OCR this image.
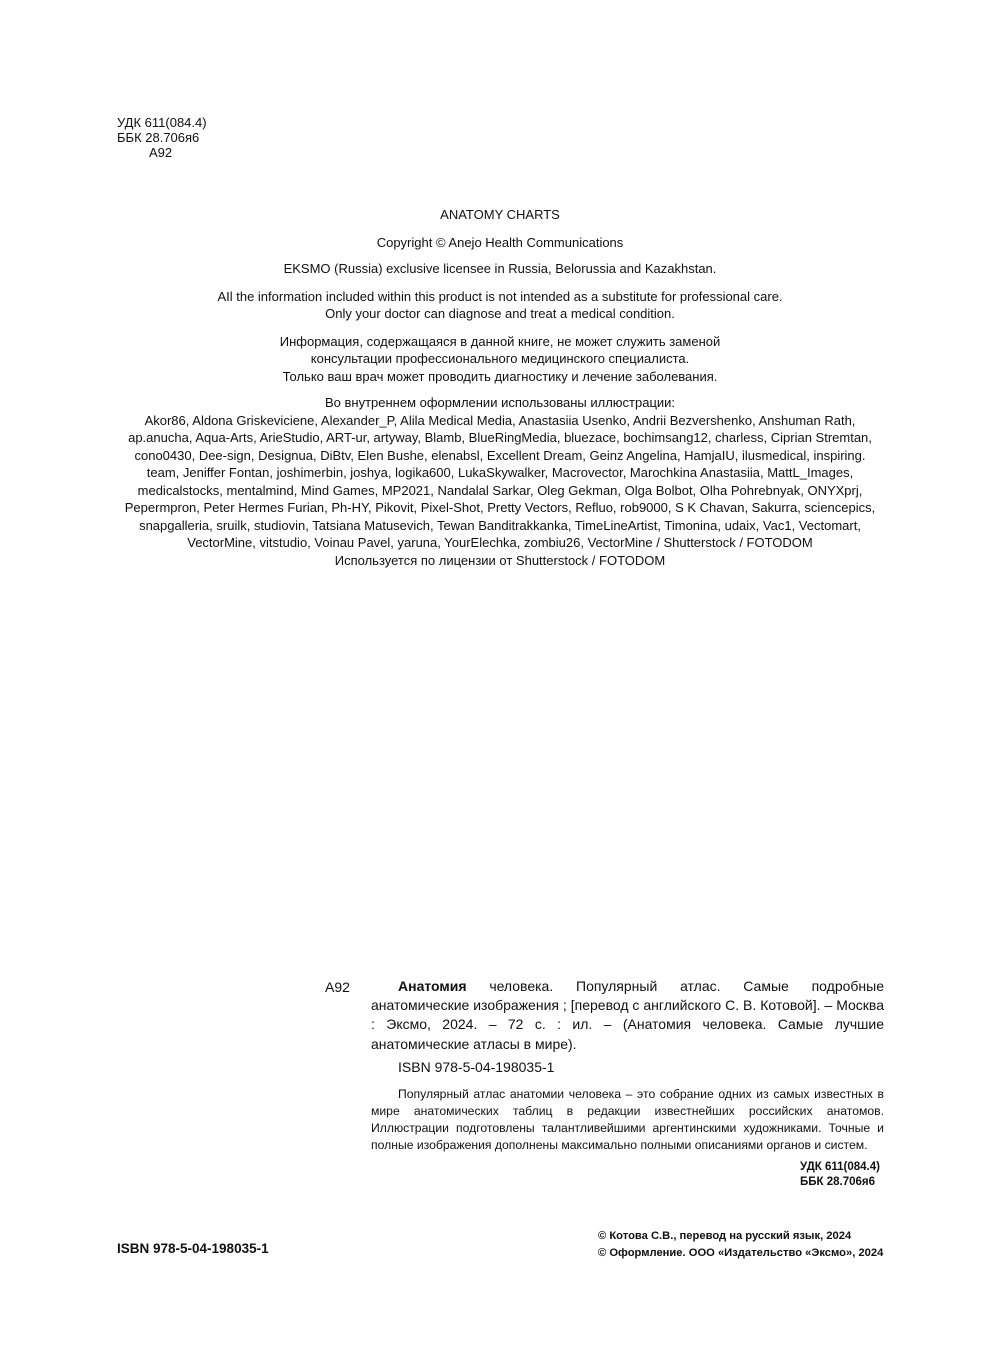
УДК 611(084.4)
ББК 28.706я6
А92

ANATOMY CHARTS

Copyright © Anejo Health Communications

EKSMO (Russia) exclusive licensee in Russia, Belorussia and Kazakhstan.

AIl the information included within this product is not intended as a substitute for professional care.

Only your doctor can diagnose and treat a medical condition.

Информация, содержащаяся в данной книге, не может служить заменой

консультации профессионального медицинского специалиста.

Только ваш врач может проводить диагностику и лечение заболевания.

Во внутреннем оформлении использованы иллюстрации:

Akor86, Aldona Griskeviciene, Alexander_P, Alila Medical Media, Anastasiia Usenko, Andrii Bezvershenko, Anshuman Rath,

ap.anucha, Aqua-Arts, ArieStudio, ART-ur, artyway, Blamb, BlueRingMedia, bluezace, bochimsang12, charless, Ciprian Stremtan,

cono0430, Dee-sign, Designua, DiBtv, Elen Bushe, elenabsl, Excellent Dream, Geinz Angelina, HamjaIU, ilusmedical, inspiring.

team, Jeniffer Fontan, joshimerbin, joshya, logika600, LukaSkywalker, Macrovector, Marochkina Anastasiia, MattL_Images,

medicalstocks, mentalmind, Mind Games, MP2021, Nandalal Sarkar, Oleg Gekman, Olga Bolbot, Olha Pohrebnyak, ONYXprj,

Pepermpron, Peter Hermes Furian, Ph-HY, Pikovit, Pixel-Shot, Pretty Vectors, Refluo, rob9000, S K Chavan, Sakurra, sciencepics,

snapgalleria, sruilk, studiovin, Tatsiana Matusevich, Tewan Banditrakkanka, TimeLineArtist, Timonina, udaix, Vac1, Vectomart,

VectorMine, vitstudio, Voinau Pavel, yaruna, YourElechka, zombiu26, VectorMine / Shutterstock / FOTODOM

Используется по лицензии от Shutterstock / FOTODOM

А92	Анатомия человека. Популярный атлас. Самые подробные анатомические изображения ; [перевод с английского С. В. Котовой]. – Москва : Эксмо, 2024. – 72 с. : ил. – (Анатомия человека. Самые лучшие анатомические атласы в мире).

ISBN 978-5-04-198035-1

Популярный атлас анатомии человека – это собрание одних из самых известных в мире анатомических таблиц в редакции известнейших российских анатомов. Иллюстрации подготовлены талантливейшими аргентинскими художниками. Точные и полные изображения дополнены максимально полными описаниями органов и систем.

УДК 611(084.4)
ББК 28.706я6
ISBN 978-5-04-198035-1
© Котова С.В., перевод на русский язык, 2024
© Оформление. ООО «Издательство «Эксмо», 2024
